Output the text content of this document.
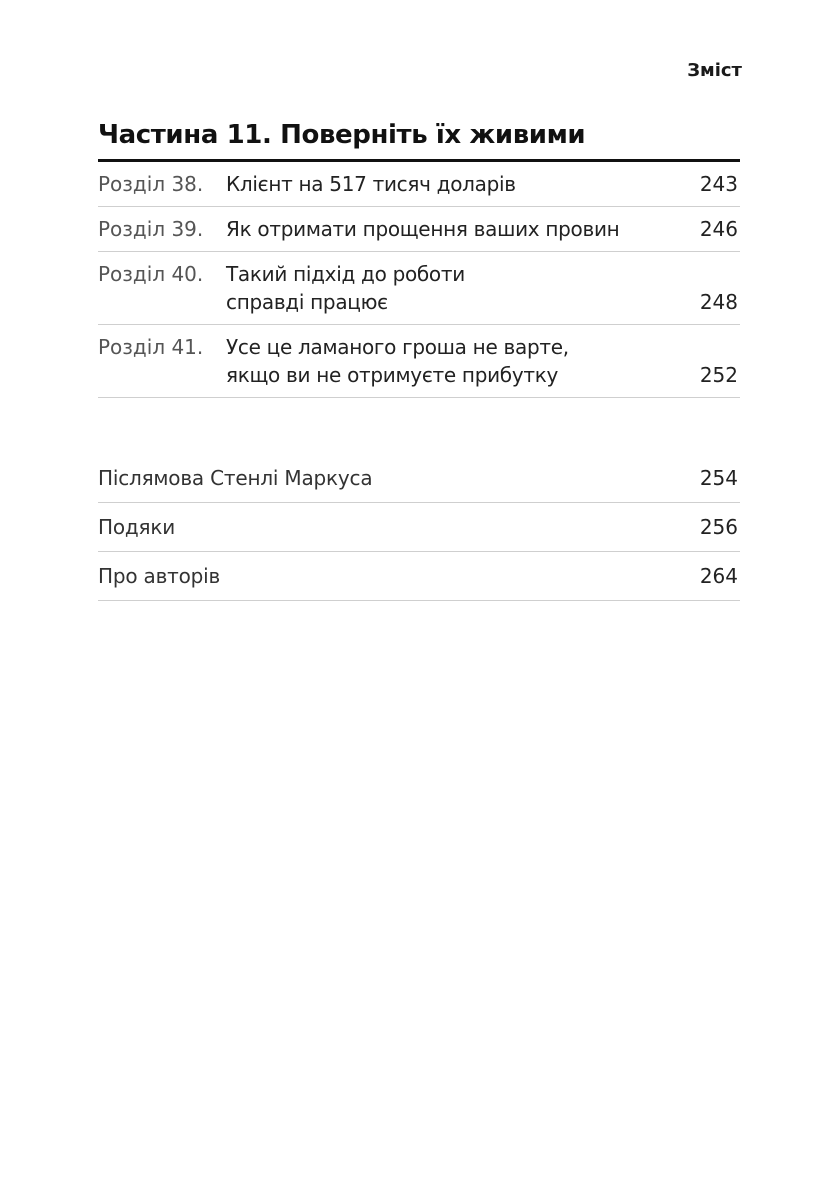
Зміст
Частина 11. Поверніть їх живими
Розділ 38.	Клієнт на 517 тисяч доларів	243
Розділ 39.	Як отримати прощення ваших провин	246
Розділ 40.	Такий підхід до роботи
справді працює	248
Розділ 41.	Усе це ламаного гроша не варте,
якщо ви не отримуєте прибутку	252
Післямова Стенлі Маркуса	254
Подяки	256
Про авторів	264
